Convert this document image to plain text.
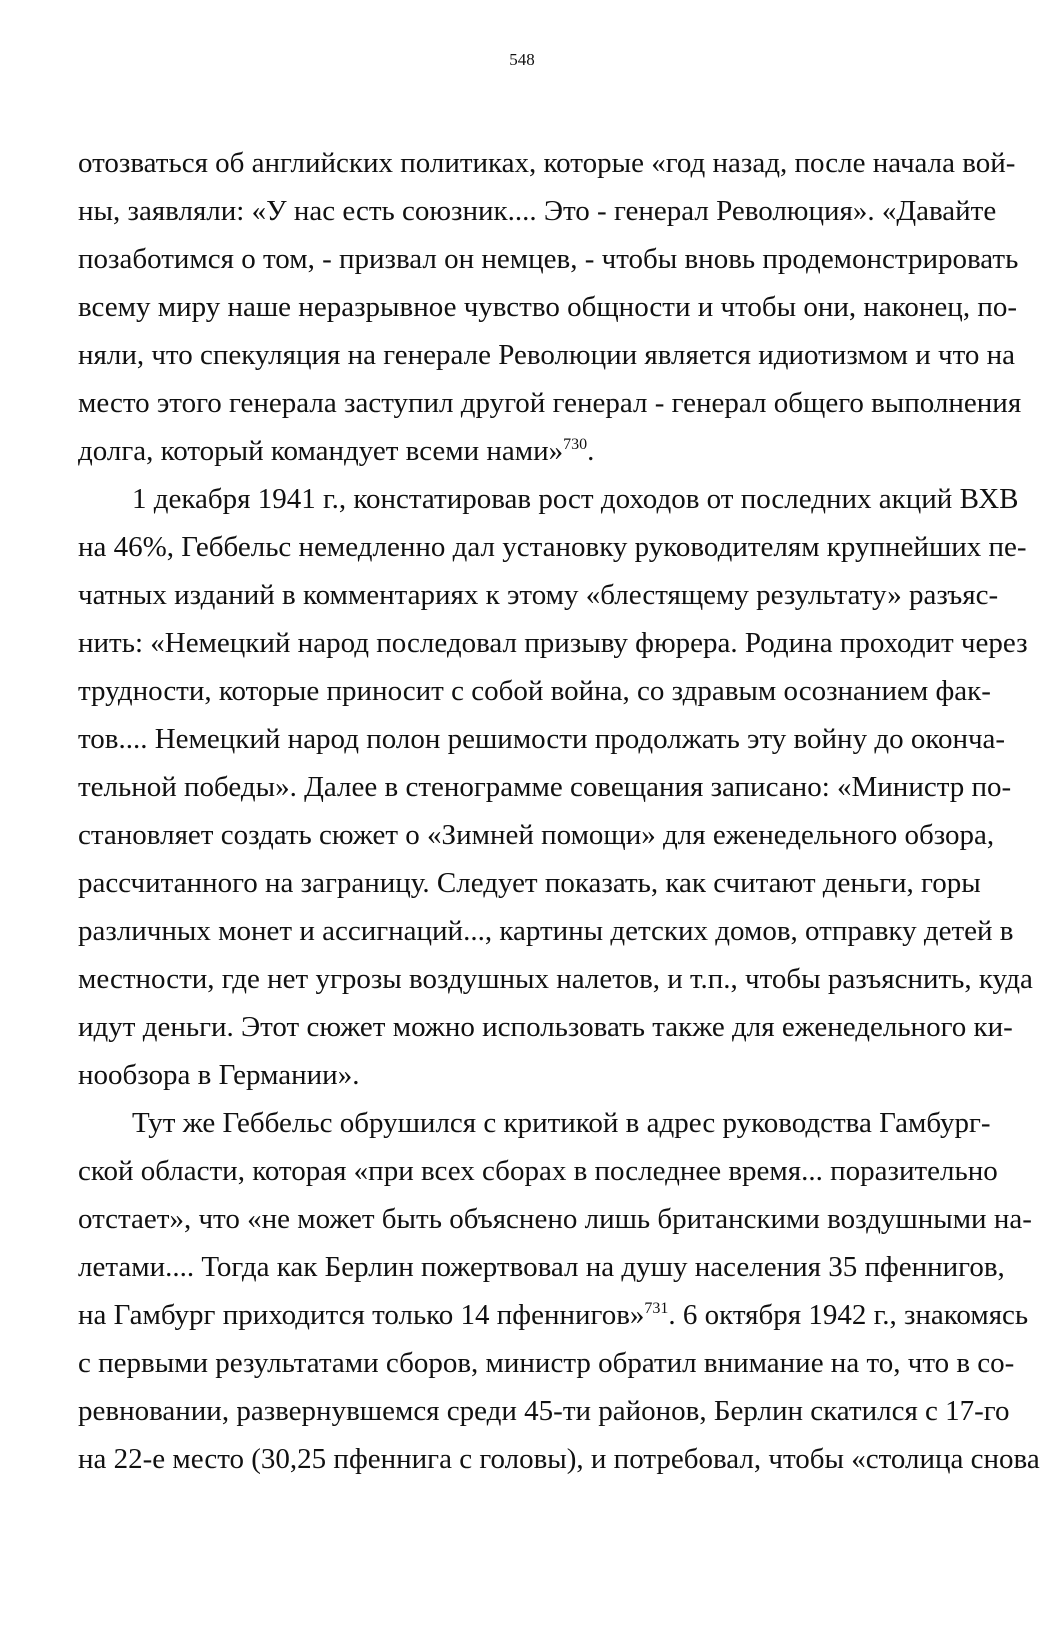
548
отозваться об английских политиках, которые «год назад, после начала вой-
ны, заявляли: «У нас есть союзник.... Это - генерал Революция». «Давайте
позаботимся о том, - призвал он немцев, - чтобы вновь продемонстрировать
всему миру наше неразрывное чувство общности и чтобы они, наконец, по-
няли, что спекуляция на генерале Революции является идиотизмом и что на
место этого генерала заступил другой генерал - генерал общего выполнения
долга, который командует всеми нами»$^{730}$.
1 декабря 1941 г., констатировав рост доходов от последних акций ВХВ
на 46%, Геббельс немедленно дал установку руководителям крупнейших пе-
чатных изданий в комментариях к этому «блестящему результату» разъяс-
нить: «Немецкий народ последовал призыву фюрера. Родина проходит через
трудности, которые приносит с собой война, со здравым осознанием фак-
тов.... Немецкий народ полон решимости продолжать эту войну до оконча-
тельной победы». Далее в стенограмме совещания записано: «Министр по-
становляет создать сюжет о «Зимней помощи» для еженедельного обзора,
рассчитанного на заграницу. Следует показать, как считают деньги, горы
различных монет и ассигнаций..., картины детских домов, отправку детей в
местности, где нет угрозы воздушных налетов, и т.п., чтобы разъяснить, куда
идут деньги. Этот сюжет можно использовать также для еженедельного ки-
нообзора в Германии».
Тут же Геббельс обрушился с критикой в адрес руководства Гамбург-
ской области, которая «при всех сборах в последнее время... поразительно
отстает», что «не может быть объяснено лишь британскими воздушными на-
летами.... Тогда как Берлин пожертвовал на душу населения 35 пфеннигов,
на Гамбург приходится только 14 пфеннигов»$^{731}$. 6 октября 1942 г., знакомясь
с первыми результатами сборов, министр обратил внимание на то, что в со-
ревновании, развернувшемся среди 45-ти районов, Берлин скатился с 17-го
на 22-е место (30,25 пфеннига с головы), и потребовал, чтобы «столица снова
